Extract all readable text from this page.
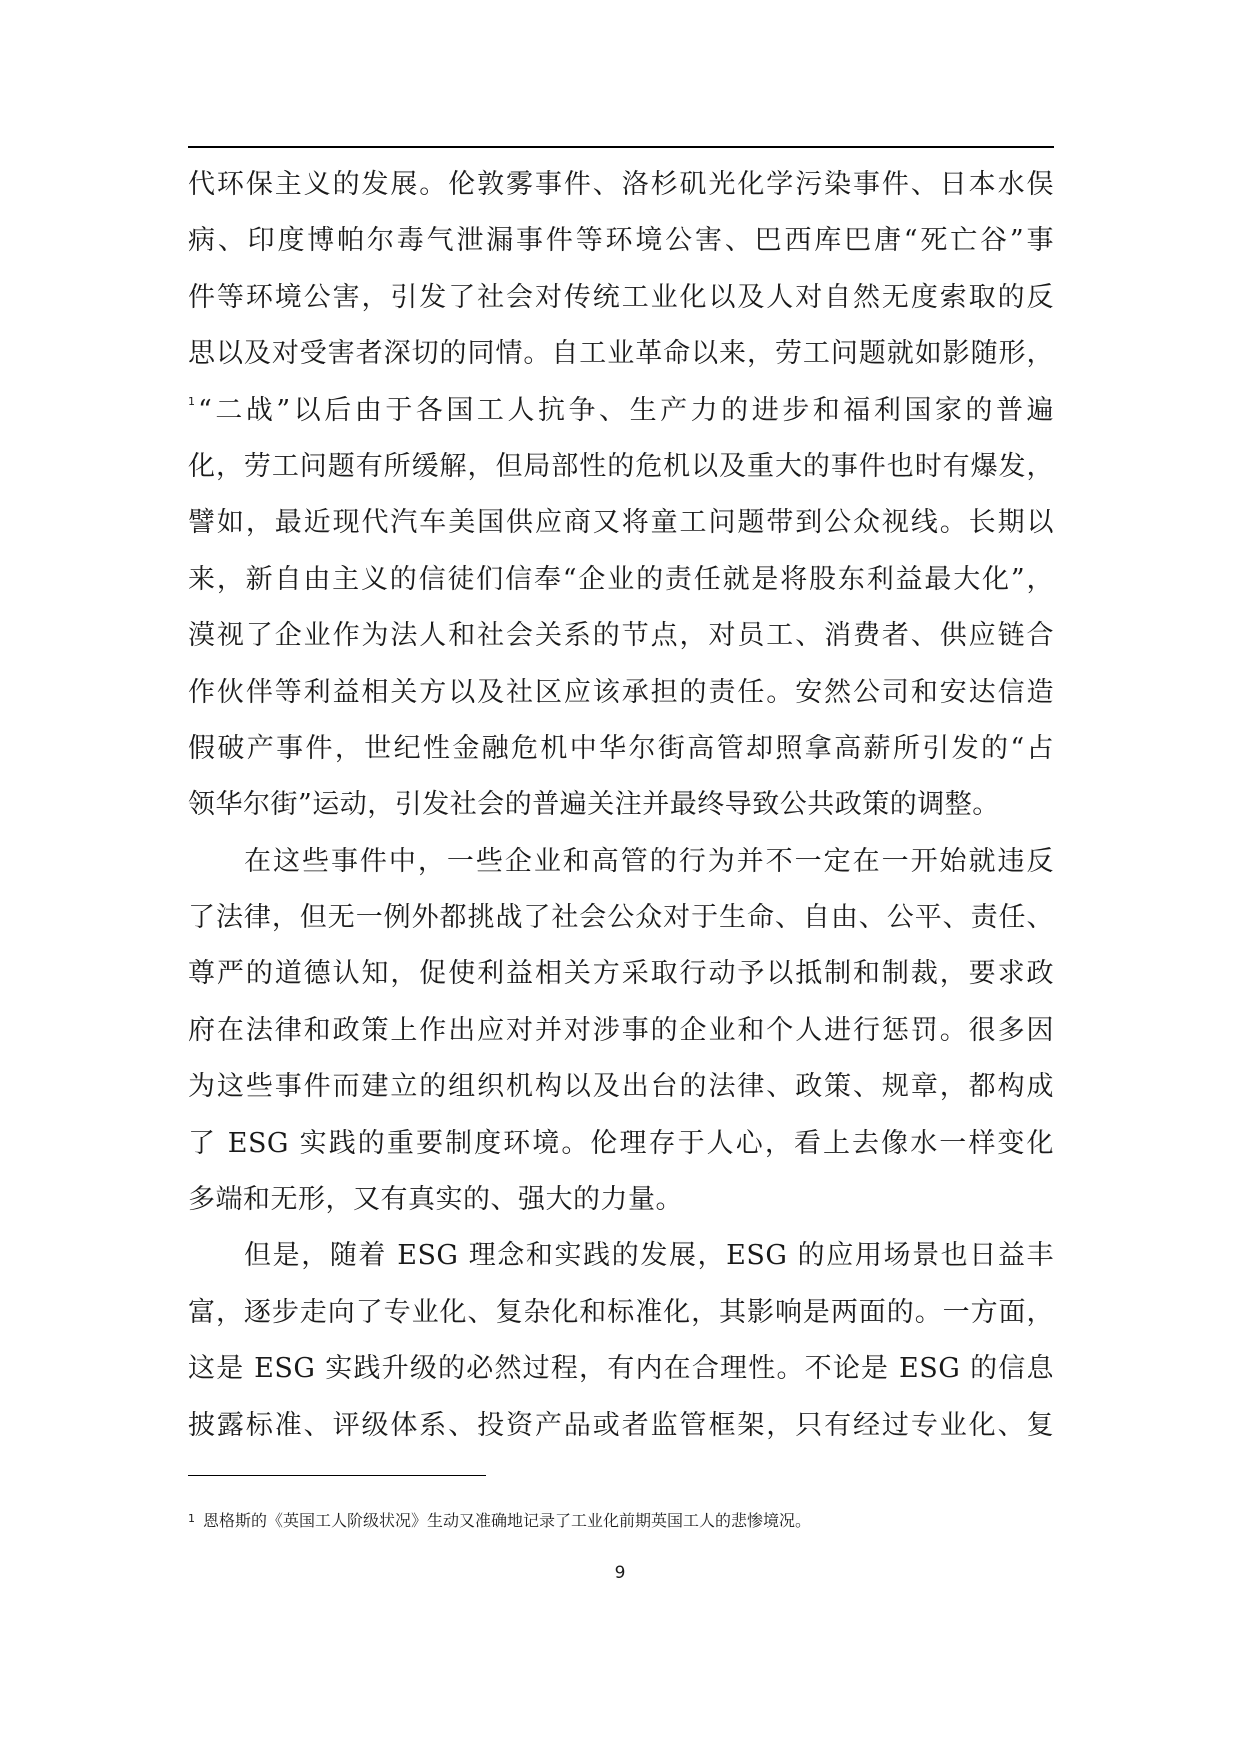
代环保主义的发展。伦敦雾事件、洛杉矶光化学污染事件、日本水俣
病、印度博帕尔毒气泄漏事件等环境公害、巴西库巴唐“死亡谷”事
件等环境公害，引发了社会对传统工业化以及人对自然无度索取的反
思以及对受害者深切的同情。自工业革命以来，劳工问题就如影随形，
$^1$“二战”以后由于各国工人抗争、生产力的进步和福利国家的普遍
化，劳工问题有所缓解，但局部性的危机以及重大的事件也时有爆发，
譬如，最近现代汽车美国供应商又将童工问题带到公众视线。长期以
来，新自由主义的信徒们信奉“企业的责任就是将股东利益最大化”，
漠视了企业作为法人和社会关系的节点，对员工、消费者、供应链合
作伙伴等利益相关方以及社区应该承担的责任。安然公司和安达信造
假破产事件，世纪性金融危机中华尔街高管却照拿高薪所引发的“占
领华尔街”运动，引发社会的普遍关注并最终导致公共政策的调整。
在这些事件中，一些企业和高管的行为并不一定在一开始就违反
了法律，但无一例外都挑战了社会公众对于生命、自由、公平、责任、
尊严的道德认知，促使利益相关方采取行动予以抵制和制裁，要求政
府在法律和政策上作出应对并对涉事的企业和个人进行惩罚。很多因
为这些事件而建立的组织机构以及出台的法律、政策、规章，都构成
了 ESG 实践的重要制度环境。伦理存于人心，看上去像水一样变化
多端和无形，又有真实的、强大的力量。
但是，随着 ESG 理念和实践的发展，ESG 的应用场景也日益丰
富，逐步走向了专业化、复杂化和标准化，其影响是两面的。一方面，
这是 ESG 实践升级的必然过程，有内在合理性。不论是 ESG 的信息
披露标准、评级体系、投资产品或者监管框架，只有经过专业化、复
$^1$ 恩格斯的《英国工人阶级状况》生动又准确地记录了工业化前期英国工人的悲惨境况。
9
